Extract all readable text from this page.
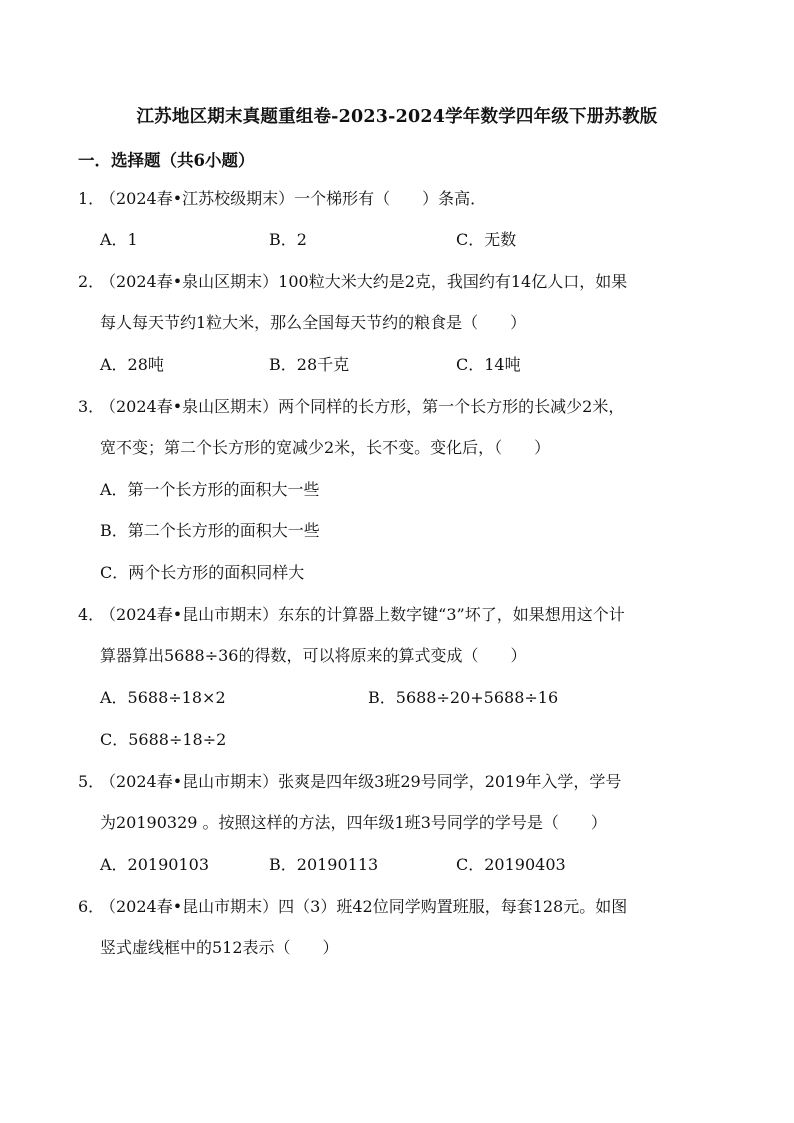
江苏地区期末真题重组卷-2023-2024学年数学四年级下册苏教版
一．选择题（共6小题）
1．（2024春•江苏校级期末）一个梯形有（　　）条高．
A．1	B．2	C．无数
2．（2024春•泉山区期末）100粒大米大约是2克，我国约有14亿人口，如果
每人每天节约1粒大米，那么全国每天节约的粮食是（　　）
A．28吨	B．28千克	C．14吨
3．（2024春•泉山区期末）两个同样的长方形，第一个长方形的长减少2米，
宽不变；第二个长方形的宽减少2米，长不变。变化后，（　　）
A．第一个长方形的面积大一些
B．第二个长方形的面积大一些
C．两个长方形的面积同样大
4．（2024春•昆山市期末）东东的计算器上数字键“3”坏了，如果想用这个计
算器算出5688÷36的得数，可以将原来的算式变成（　　）
A．5688÷18×2	B．5688÷20+5688÷16
C．5688÷18÷2
5．（2024春•昆山市期末）张爽是四年级3班29号同学，2019年入学，学号
为20190329 。按照这样的方法，四年级1班3号同学的学号是（　　）
A．20190103	B．20190113	C．20190403
6．（2024春•昆山市期末）四（3）班42位同学购置班服，每套128元。如图
竖式虚线框中的512表示（　　）
